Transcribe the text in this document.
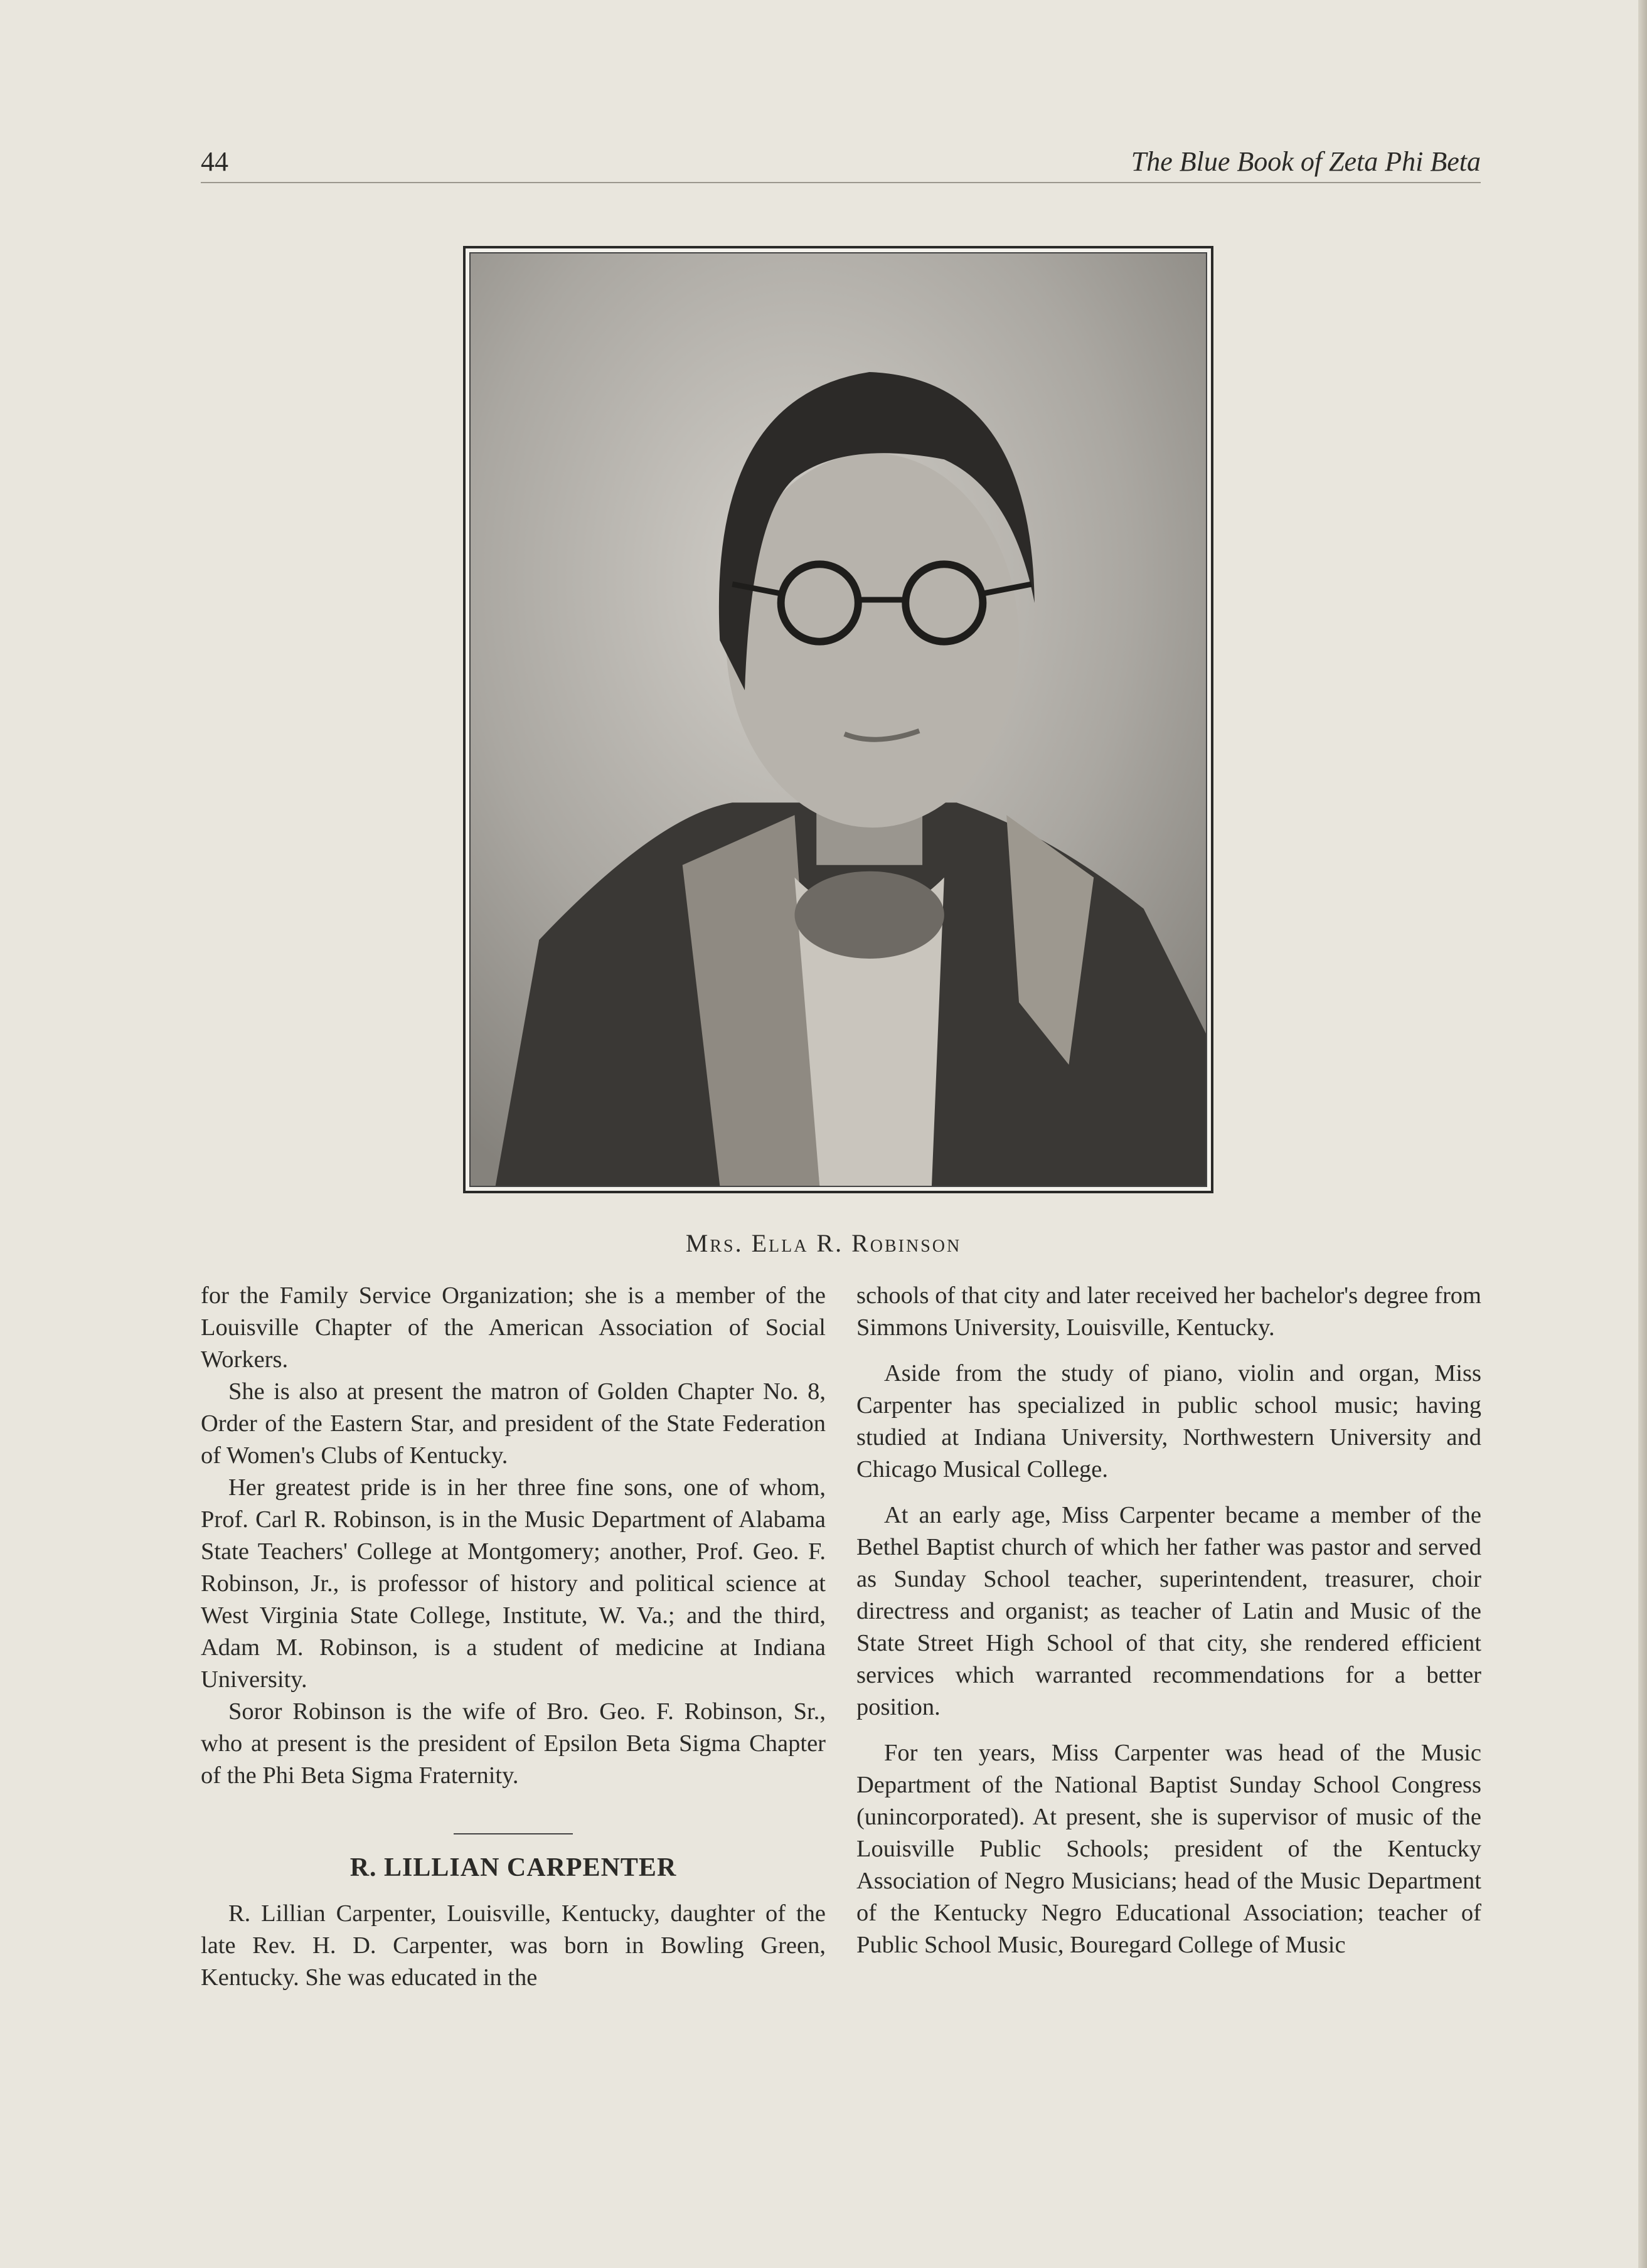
44	The Blue Book of Zeta Phi Beta
Mrs. Ella R. Robinson

for the Family Service Organization; she is a member of the Louisville Chapter of the American Association of Social Workers.

She is also at present the matron of Golden Chapter No. 8, Order of the Eastern Star, and president of the State Federation of Women's Clubs of Kentucky.

Her greatest pride is in her three fine sons, one of whom, Prof. Carl R. Robinson, is in the Music Department of Alabama State Teachers' College at Montgomery; another, Prof. Geo. F. Robinson, Jr., is professor of history and political science at West Virginia State College, Institute, W. Va.; and the third, Adam M. Robinson, is a student of medicine at Indiana University.

Soror Robinson is the wife of Bro. Geo. F. Robinson, Sr., who at present is the president of Epsilon Beta Sigma Chapter of the Phi Beta Sigma Fraternity.

R. LILLIAN CARPENTER

R. Lillian Carpenter, Louisville, Kentucky, daughter of the late Rev. H. D. Carpenter, was born in Bowling Green, Kentucky. She was educated in the

schools of that city and later received her bachelor's degree from Simmons University, Louisville, Kentucky.

Aside from the study of piano, violin and organ, Miss Carpenter has specialized in public school music; having studied at Indiana University, Northwestern University and Chicago Musical College.

At an early age, Miss Carpenter became a member of the Bethel Baptist church of which her father was pastor and served as Sunday School teacher, superintendent, treasurer, choir directress and organist; as teacher of Latin and Music of the State Street High School of that city, she rendered efficient services which warranted recommendations for a better position.

For ten years, Miss Carpenter was head of the Music Department of the National Baptist Sunday School Congress (unincorporated). At present, she is supervisor of music of the Louisville Public Schools; president of the Kentucky Association of Negro Musicians; head of the Music Department of the Kentucky Negro Educational Association; teacher of Public School Music, Bouregard College of Music
